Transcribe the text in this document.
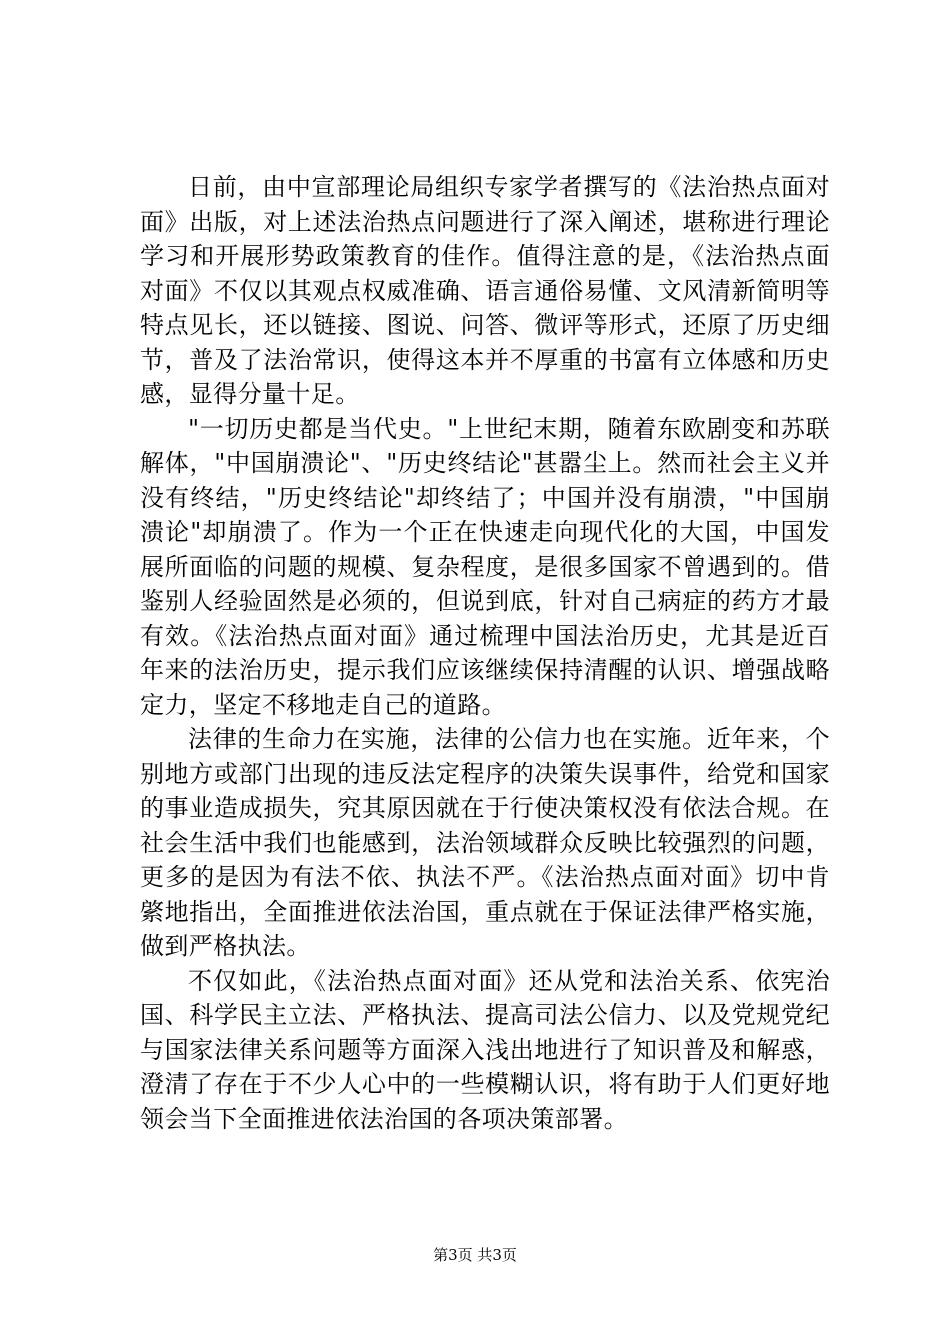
日前，由中宣部理论局组织专家学者撰写的《法治热点面对面》出版，对上述法治热点问题进行了深入阐述，堪称进行理论学习和开展形势政策教育的佳作。值得注意的是，《法治热点面对面》不仅以其观点权威准确、语言通俗易懂、文风清新简明等特点见长，还以链接、图说、问答、微评等形式，还原了历史细节，普及了法治常识，使得这本并不厚重的书富有立体感和历史感，显得分量十足。

"一切历史都是当代史。"上世纪末期，随着东欧剧变和苏联解体，"中国崩溃论"、"历史终结论"甚嚣尘上。然而社会主义并没有终结，"历史终结论"却终结了；中国并没有崩溃，"中国崩溃论"却崩溃了。作为一个正在快速走向现代化的大国，中国发展所面临的问题的规模、复杂程度，是很多国家不曾遇到的。借鉴别人经验固然是必须的，但说到底，针对自己病症的药方才最有效。《法治热点面对面》通过梳理中国法治历史，尤其是近百年来的法治历史，提示我们应该继续保持清醒的认识、增强战略定力，坚定不移地走自己的道路。

法律的生命力在实施，法律的公信力也在实施。近年来，个别地方或部门出现的违反法定程序的决策失误事件，给党和国家的事业造成损失，究其原因就在于行使决策权没有依法合规。在社会生活中我们也能感到，法治领域群众反映比较强烈的问题，更多的是因为有法不依、执法不严。《法治热点面对面》切中肯綮地指出，全面推进依法治国，重点就在于保证法律严格实施，做到严格执法。

不仅如此，《法治热点面对面》还从党和法治关系、依宪治国、科学民主立法、严格执法、提高司法公信力、以及党规党纪与国家法律关系问题等方面深入浅出地进行了知识普及和解惑，澄清了存在于不少人心中的一些模糊认识，将有助于人们更好地领会当下全面推进依法治国的各项决策部署。

第3页 共3页
